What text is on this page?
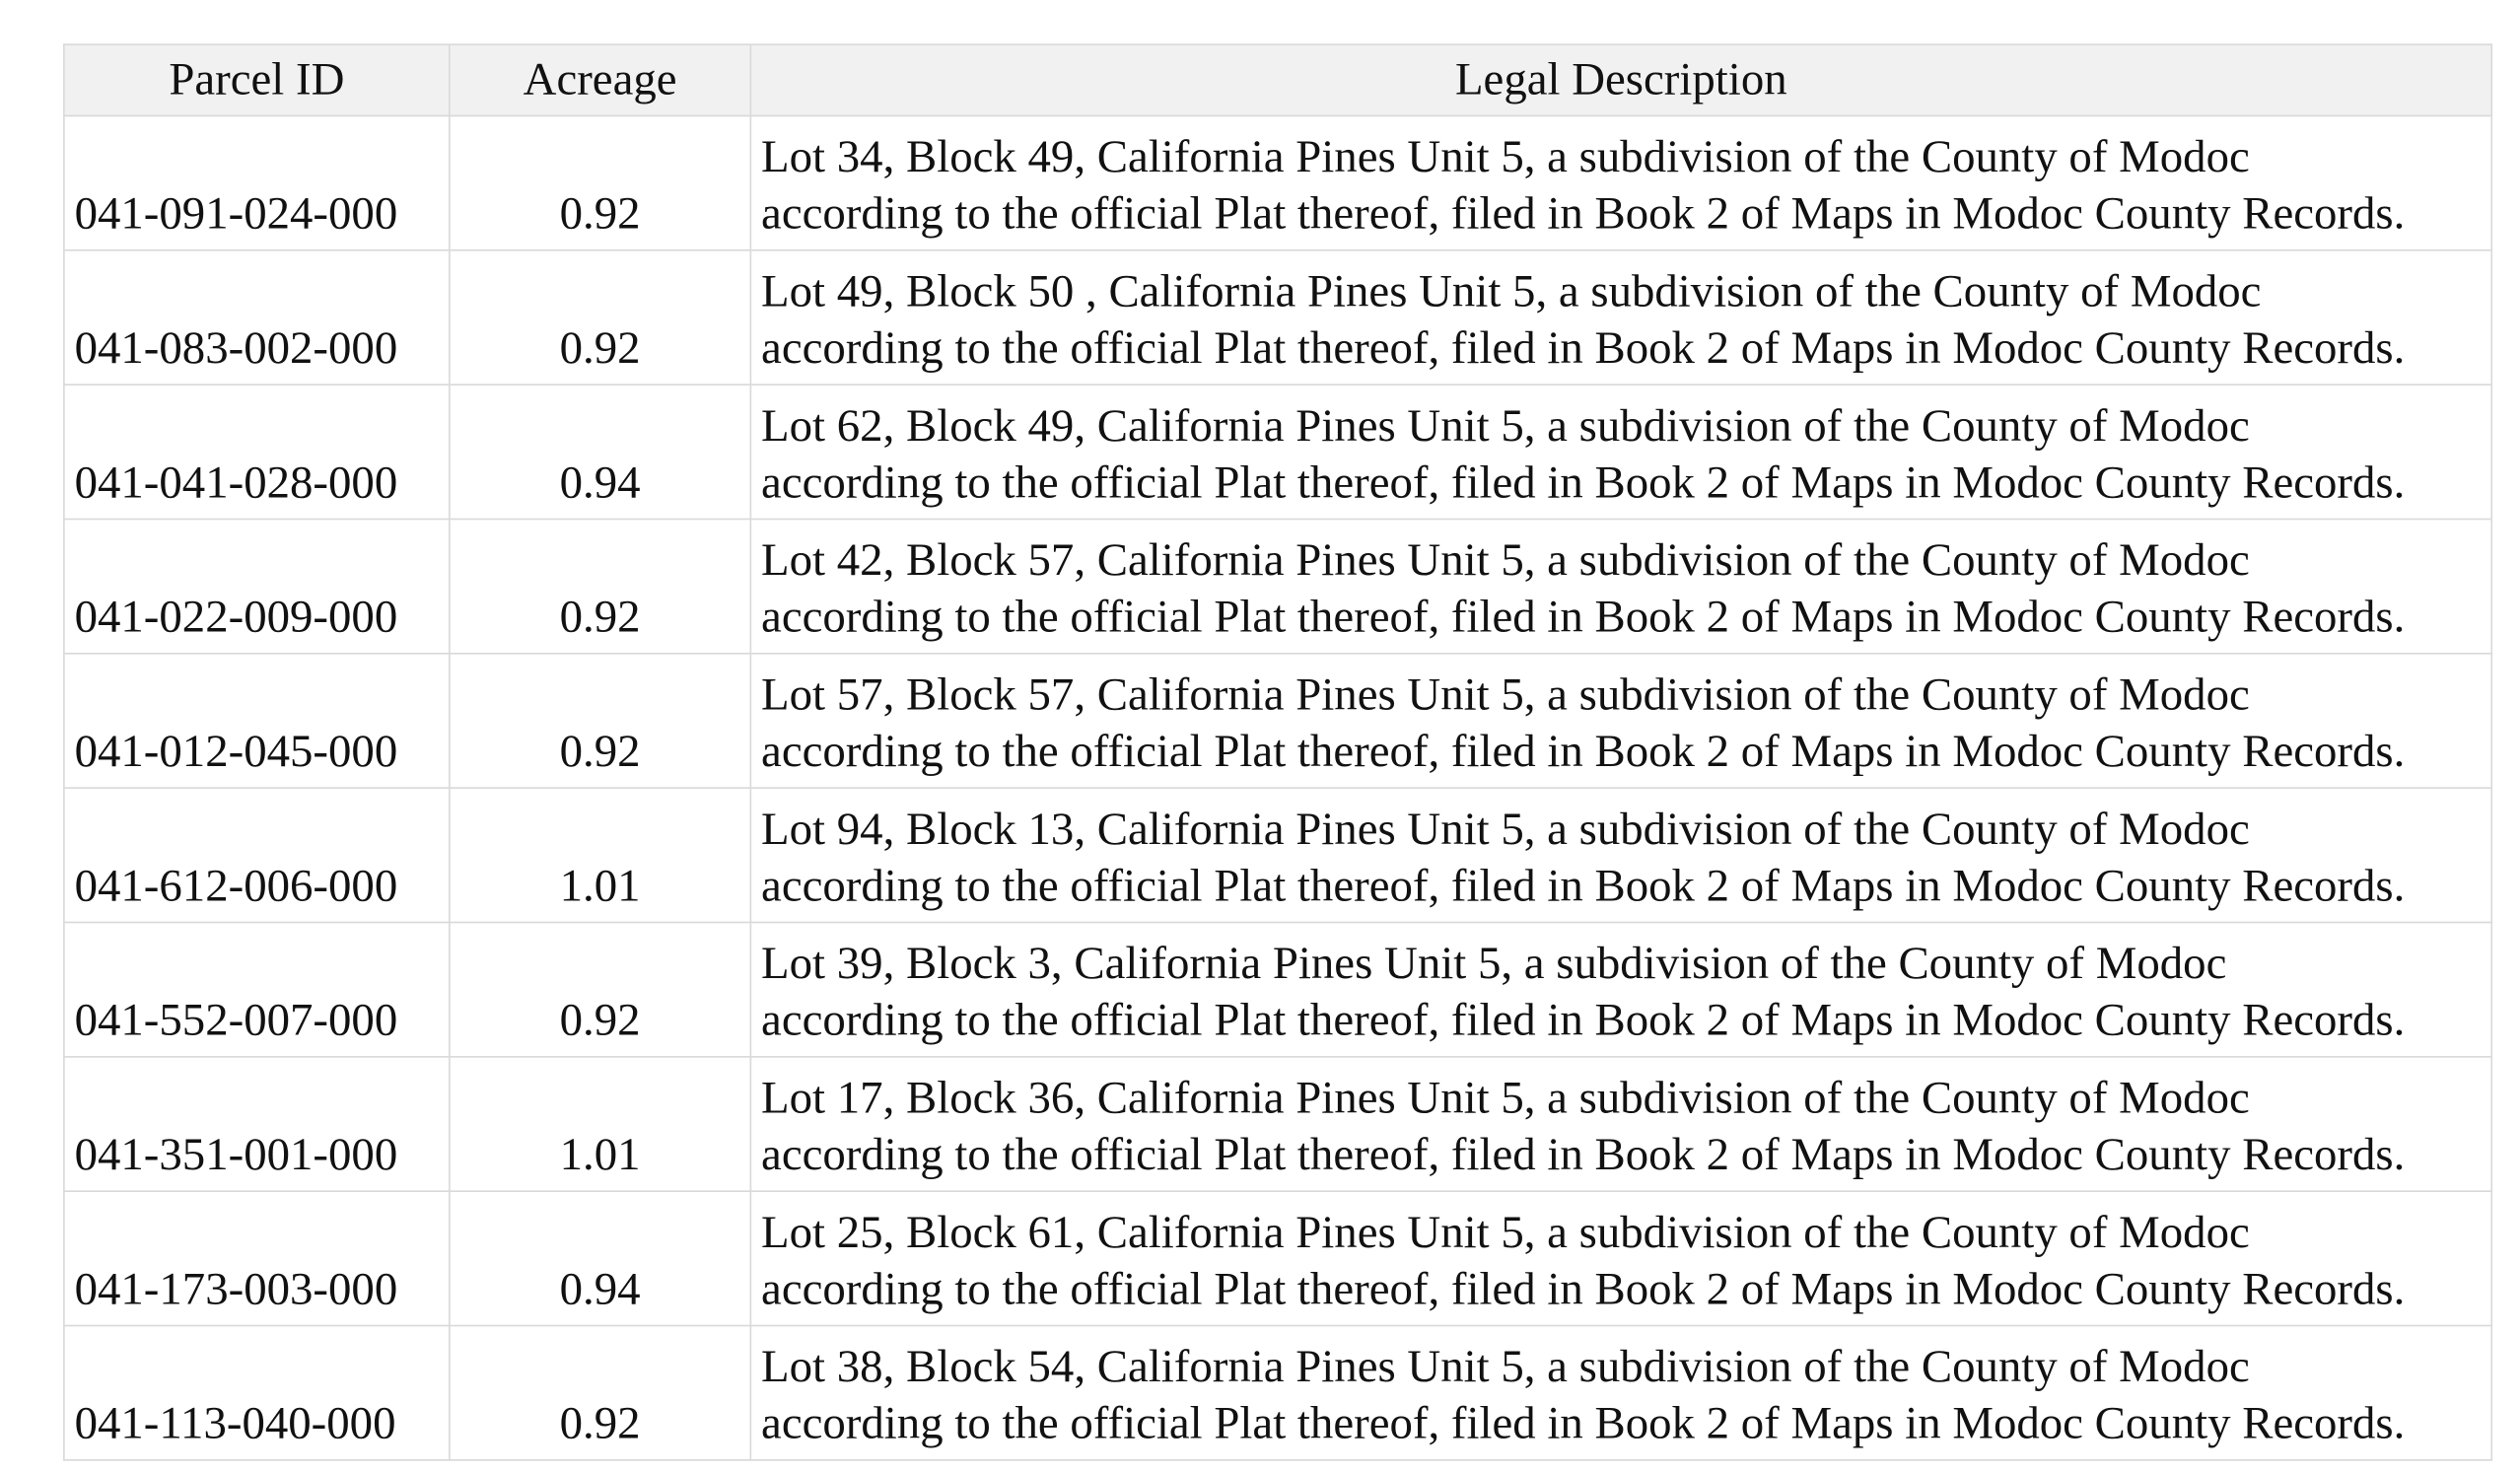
Parcel ID	Acreage	Legal Description
041-091-024-000	0.92	Lot 34, Block 49, California Pines Unit 5, a subdivision of the County of Modoc
according to the official Plat thereof, filed in Book 2 of Maps in Modoc County Records.

041-083-002-000	0.92	Lot 49, Block 50 , California Pines Unit 5, a subdivision of the County of Modoc
according to the official Plat thereof, filed in Book 2 of Maps in Modoc County Records.

041-041-028-000	0.94	Lot 62, Block 49, California Pines Unit 5, a subdivision of the County of Modoc
according to the official Plat thereof, filed in Book 2 of Maps in Modoc County Records.

041-022-009-000	0.92	Lot 42, Block 57, California Pines Unit 5, a subdivision of the County of Modoc
according to the official Plat thereof, filed in Book 2 of Maps in Modoc County Records.

041-012-045-000	0.92	Lot 57, Block 57, California Pines Unit 5, a subdivision of the County of Modoc
according to the official Plat thereof, filed in Book 2 of Maps in Modoc County Records.

041-612-006-000	1.01	Lot 94, Block 13, California Pines Unit 5, a subdivision of the County of Modoc
according to the official Plat thereof, filed in Book 2 of Maps in Modoc County Records.

041-552-007-000	0.92	Lot 39, Block 3, California Pines Unit 5, a subdivision of the County of Modoc
according to the official Plat thereof, filed in Book 2 of Maps in Modoc County Records.

041-351-001-000	1.01	Lot 17, Block 36, California Pines Unit 5, a subdivision of the County of Modoc
according to the official Plat thereof, filed in Book 2 of Maps in Modoc County Records.

041-173-003-000	0.94	Lot 25, Block 61, California Pines Unit 5, a subdivision of the County of Modoc
according to the official Plat thereof, filed in Book 2 of Maps in Modoc County Records.

041-113-040-000	0.92	Lot 38, Block 54, California Pines Unit 5, a subdivision of the County of Modoc
according to the official Plat thereof, filed in Book 2 of Maps in Modoc County Records.
